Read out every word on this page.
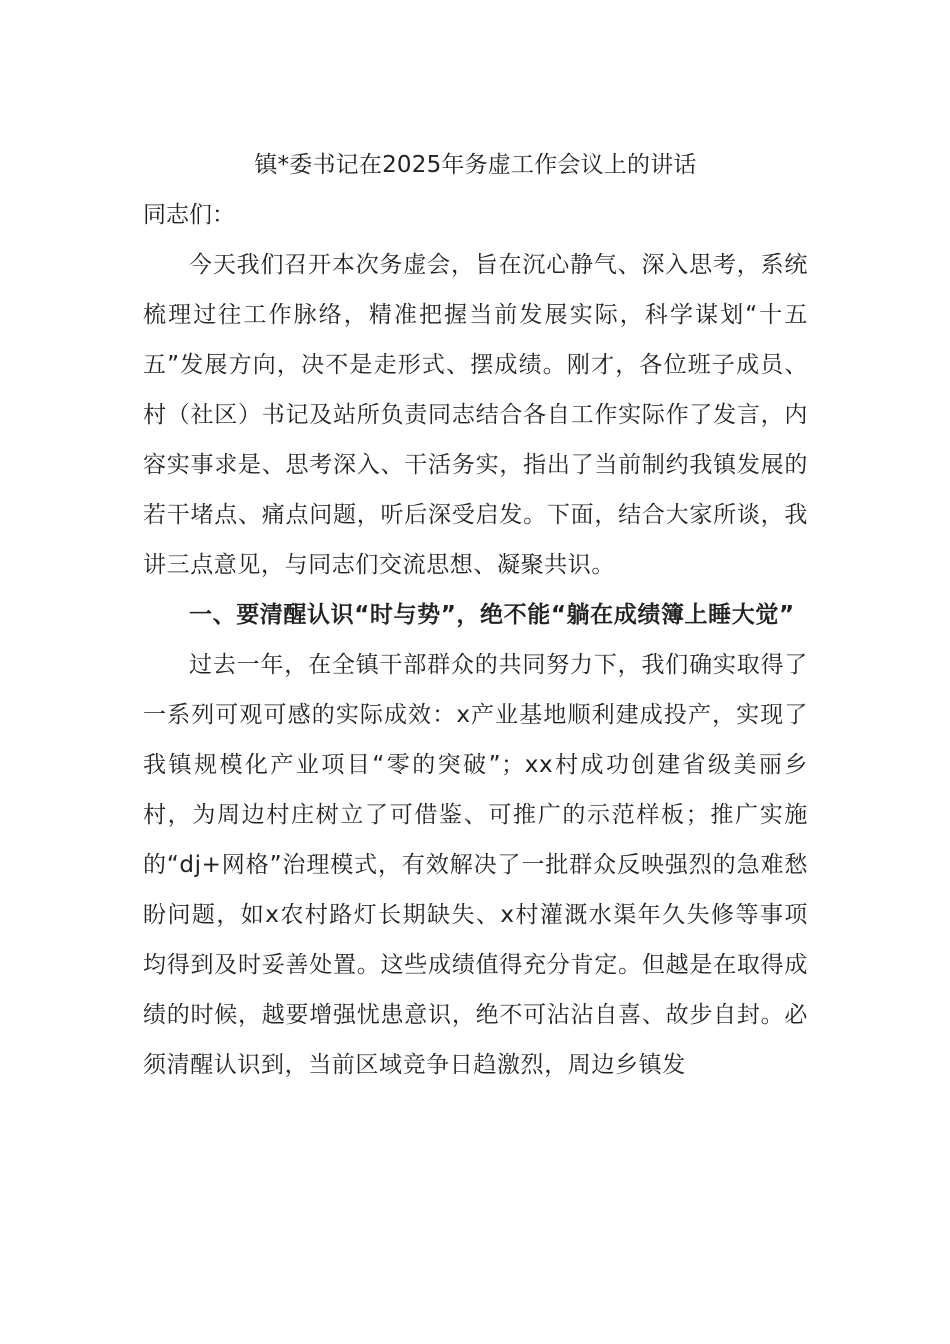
镇*委书记在2025年务虚工作会议上的讲话

同志们：

今天我们召开本次务虚会，旨在沉心静气、深入思考，系统梳理过往工作脉络，精准把握当前发展实际，科学谋划“十五五”发展方向，决不是走形式、摆成绩。刚才，各位班子成员、村（社区）书记及站所负责同志结合各自工作实际作了发言，内容实事求是、思考深入、干活务实，指出了当前制约我镇发展的若干堵点、痛点问题，听后深受启发。下面，结合大家所谈，我讲三点意见，与同志们交流思想、凝聚共识。

一、要清醒认识“时与势”，绝不能“躺在成绩簿上睡大觉”

过去一年，在全镇干部群众的共同努力下，我们确实取得了一系列可观可感的实际成效：x产业基地顺利建成投产，实现了我镇规模化产业项目“零的突破”；xx村成功创建省级美丽乡村，为周边村庄树立了可借鉴、可推广的示范样板；推广实施的“dj+网格”治理模式，有效解决了一批群众反映强烈的急难愁盼问题，如x农村路灯长期缺失、x村灌溉水渠年久失修等事项均得到及时妥善处置。这些成绩值得充分肯定。但越是在取得成绩的时候，越要增强忧患意识，绝不可沾沾自喜、故步自封。必须清醒认识到，当前区域竞争日趋激烈，周边乡镇发
